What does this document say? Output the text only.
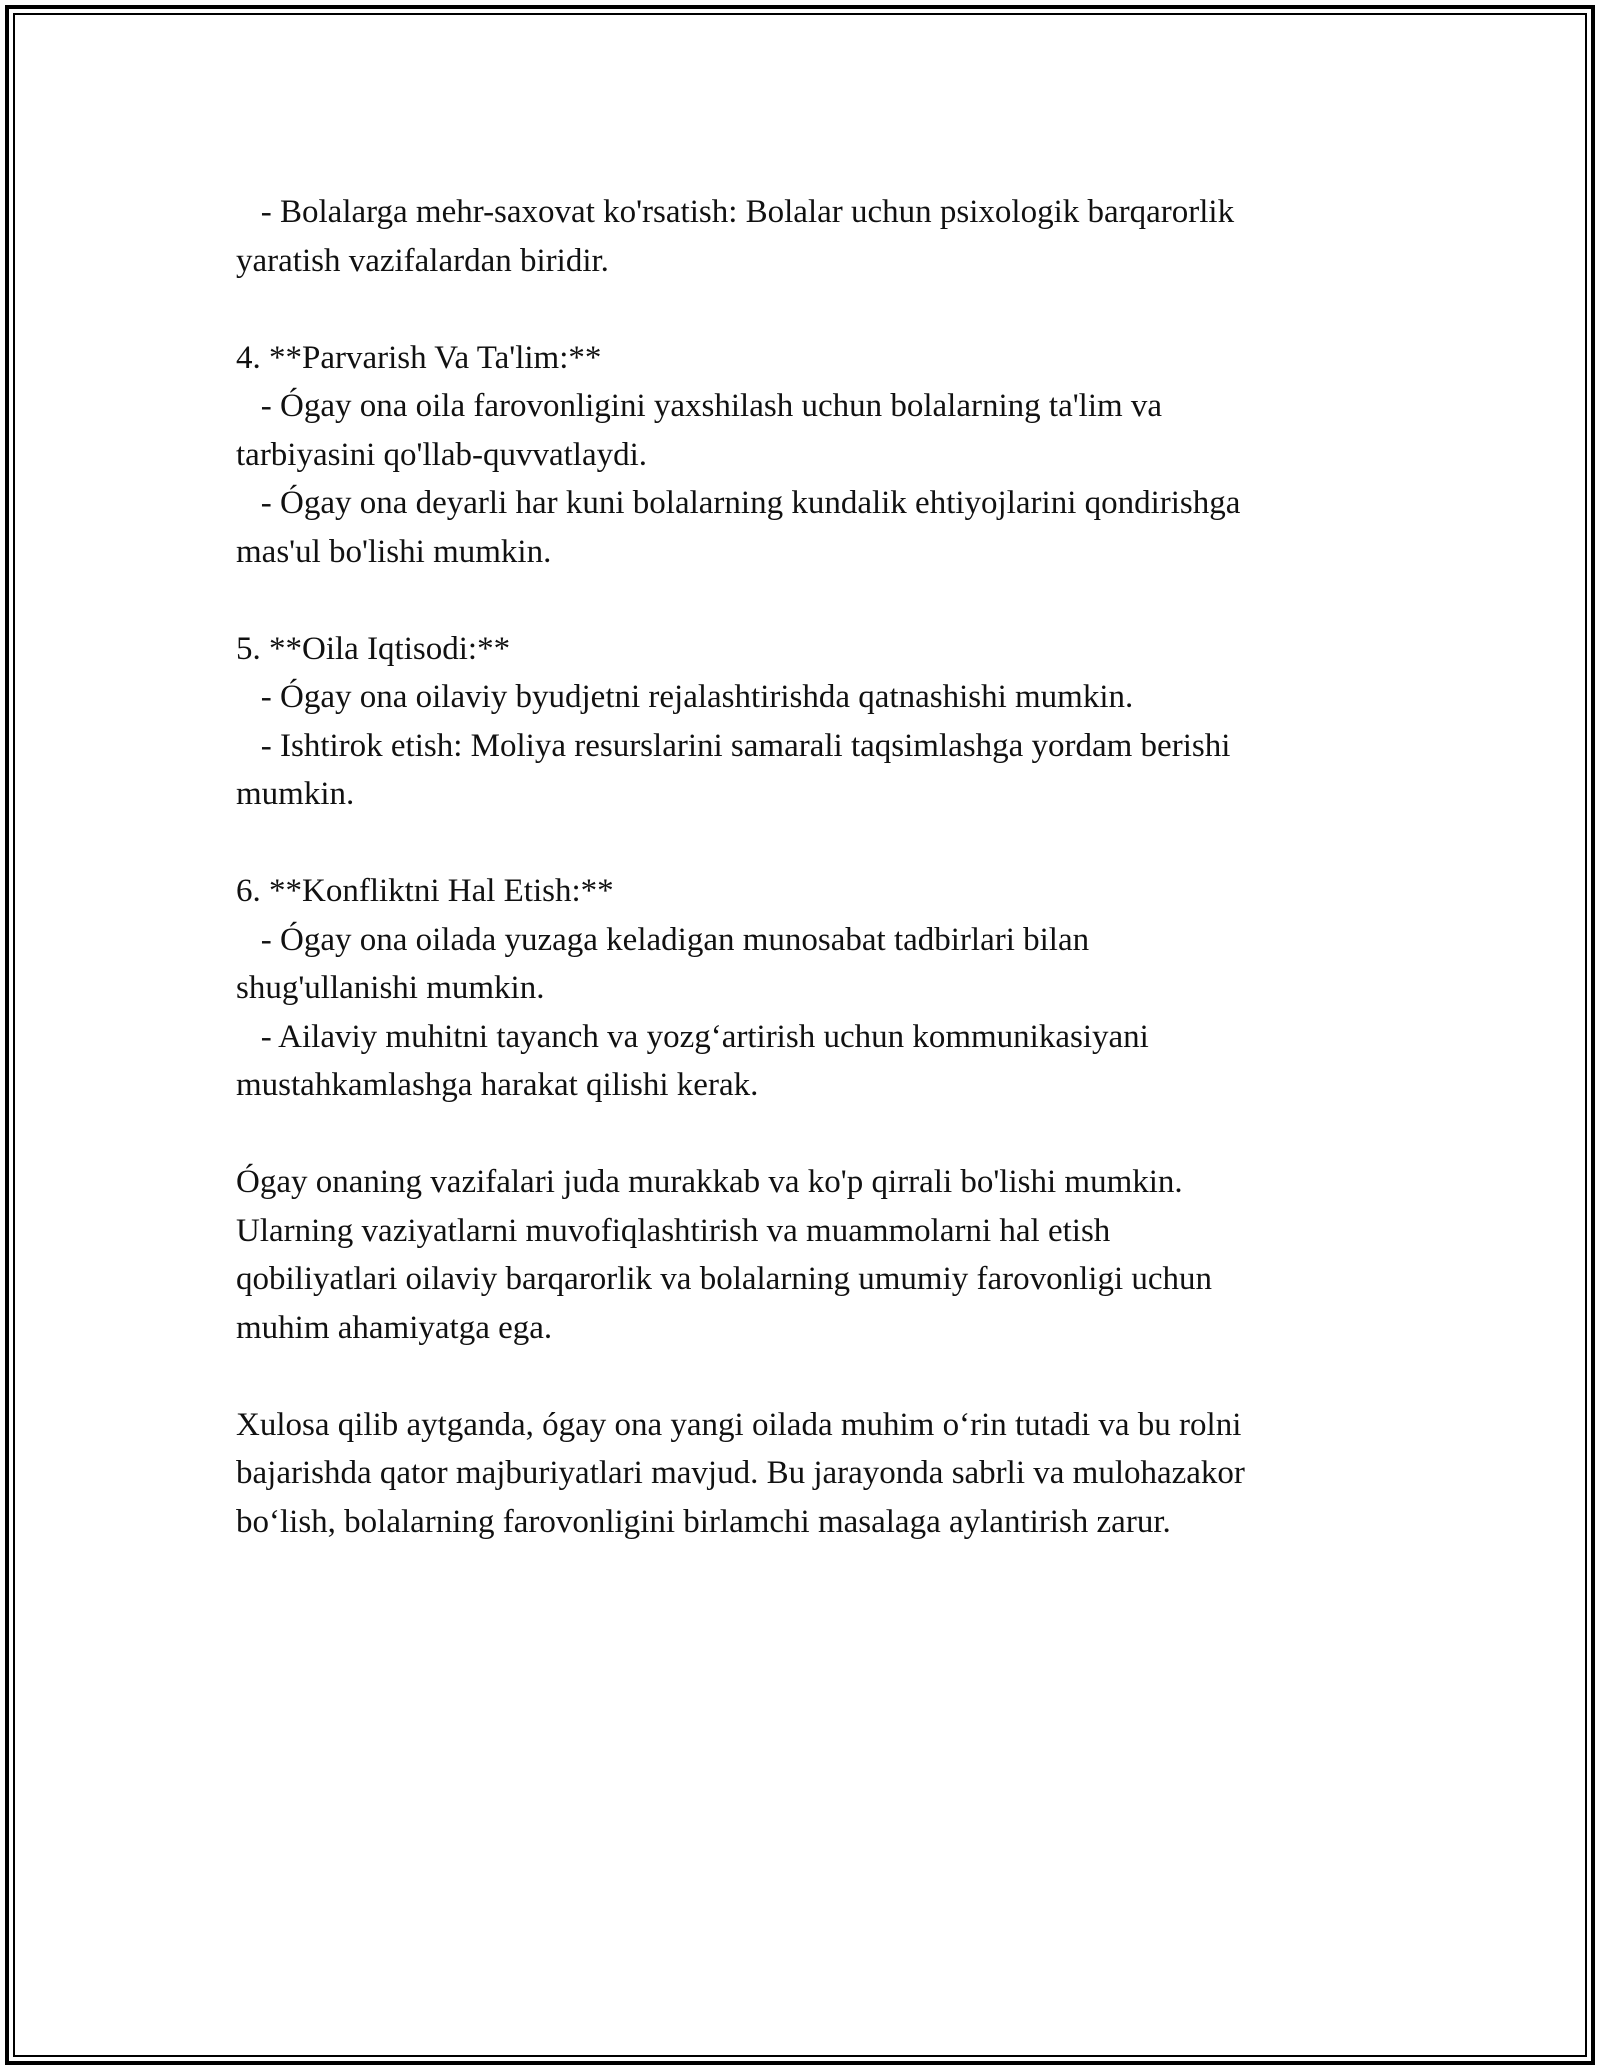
- Bolalarga mehr-saxovat ko'rsatish: Bolalar uchun psixologik barqarorlik
yaratish vazifalardan biridir.
4. **Parvarish Va Ta'lim:**
- Ógay ona oila farovonligini yaxshilash uchun bolalarning ta'lim va
tarbiyasini qo'llab-quvvatlaydi.
- Ógay ona deyarli har kuni bolalarning kundalik ehtiyojlarini qondirishga
mas'ul bo'lishi mumkin.
5. **Oila Iqtisodi:**
- Ógay ona oilaviy byudjetni rejalashtirishda qatnashishi mumkin.
- Ishtirok etish: Moliya resurslarini samarali taqsimlashga yordam berishi
mumkin.
6. **Konfliktni Hal Etish:**
- Ógay ona oilada yuzaga keladigan munosabat tadbirlari bilan
shug'ullanishi mumkin.
- Ailaviy muhitni tayanch va yozg‘artirish uchun kommunikasiyani
mustahkamlashga harakat qilishi kerak.
Ógay onaning vazifalari juda murakkab va ko'p qirrali bo'lishi mumkin.
Ularning vaziyatlarni muvofiqlashtirish va muammolarni hal etish
qobiliyatlari oilaviy barqarorlik va bolalarning umumiy farovonligi uchun
muhim ahamiyatga ega.
Xulosa qilib aytganda, ógay ona yangi oilada muhim o‘rin tutadi va bu rolni
bajarishda qator majburiyatlari mavjud. Bu jarayonda sabrli va mulohazakor
bo‘lish, bolalarning farovonligini birlamchi masalaga aylantirish zarur.
